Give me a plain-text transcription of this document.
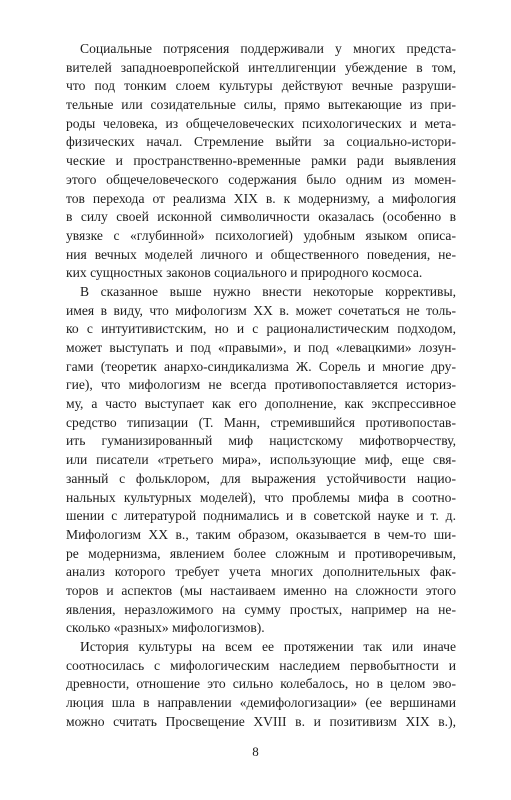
Социальные потрясения поддерживали у многих предста-
вителей западноевропейской интеллигенции убеждение в том,
что под тонким слоем культуры действуют вечные разруши-
тельные или созидательные силы, прямо вытекающие из при-
роды человека, из общечеловеческих психологических и мета-
физических начал. Стремление выйти за социально-истори-
ческие и пространственно-временные рамки ради выявления
этого общечеловеческого содержания было одним из момен-
тов перехода от реализма XIX в. к модернизму, а мифология
в силу своей исконной символичности оказалась (особенно в
увязке с «глубинной» психологией) удобным языком описа-
ния вечных моделей личного и общественного поведения, не-
ких сущностных законов социального и природного космоса.
В сказанное выше нужно внести некоторые коррективы,
имея в виду, что мифологизм XX в. может сочетаться не толь-
ко с интуитивистским, но и с рационалистическим подходом,
может выступать и под «правыми», и под «левацкими» лозун-
гами (теоретик анархо-синдикализма Ж. Сорель и многие дру-
гие), что мифологизм не всегда противопоставляется историз-
му, а часто выступает как его дополнение, как экспрессивное
средство типизации (Т. Манн, стремившийся противопостав-
ить гуманизированный миф нацистскому мифотворчеству,
или писатели «третьего мира», использующие миф, еще свя-
занный с фольклором, для выражения устойчивости нацио-
нальных культурных моделей), что проблемы мифа в соотно-
шении с литературой поднимались и в советской науке и т. д.
Мифологизм XX в., таким образом, оказывается в чем-то ши-
ре модернизма, явлением более сложным и противоречивым,
анализ которого требует учета многих дополнительных фак-
торов и аспектов (мы настаиваем именно на сложности этого
явления, неразложимого на сумму простых, например на не-
сколько «разных» мифологизмов).
История культуры на всем ее протяжении так или иначе
соотносилась с мифологическим наследием первобытности и
древности, отношение это сильно колебалось, но в целом эво-
люция шла в направлении «демифологизации» (ее вершинами
можно считать Просвещение XVIII в. и позитивизм XIX в.),
8
